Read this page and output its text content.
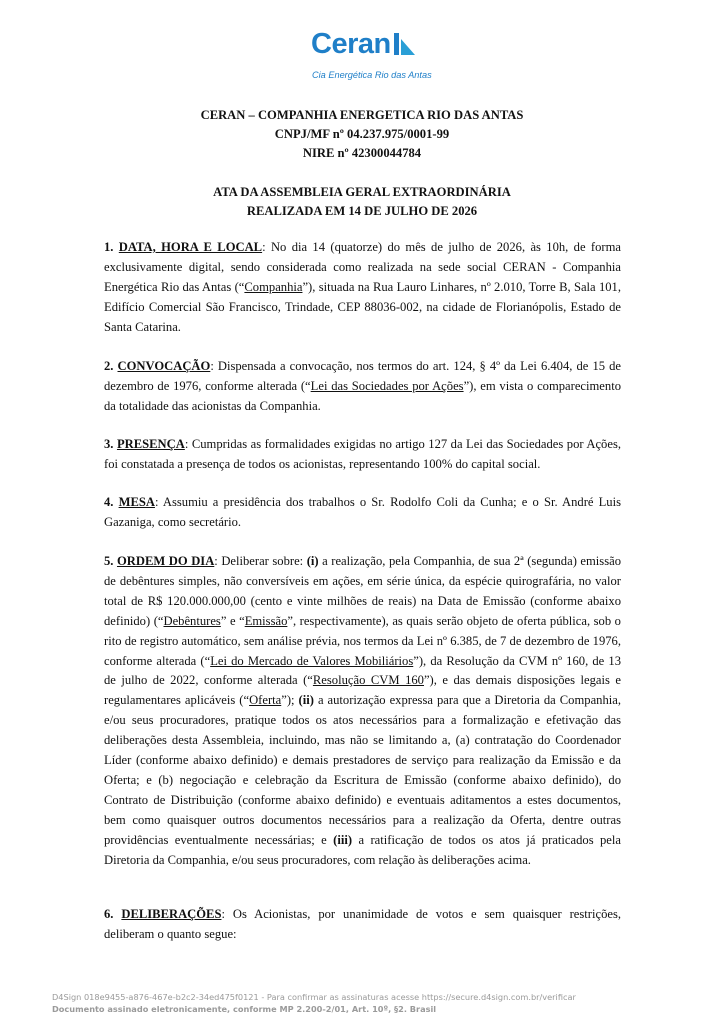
Ceran
Cia Energética Rio das Antas
CERAN – COMPANHIA ENERGETICA RIO DAS ANTAS
CNPJ/MF nº 04.237.975/0001-99
NIRE nº 42300044784
ATA DA ASSEMBLEIA GERAL EXTRAORDINÁRIA
REALIZADA EM 14 DE JULHO DE 2026

1. DATA, HORA E LOCAL: No dia 14 (quatorze) do mês de julho de 2026, às 10h, de forma exclusivamente digital, sendo considerada como realizada na sede social CERAN - Companhia Energética Rio das Antas (“Companhia”), situada na Rua Lauro Linhares, nº 2.010, Torre B, Sala 101, Edifício Comercial São Francisco, Trindade, CEP 88036-002, na cidade de Florianópolis, Estado de Santa Catarina.

2. CONVOCAÇÃO: Dispensada a convocação, nos termos do art. 124, § 4º da Lei 6.404, de 15 de dezembro de 1976, conforme alterada (“Lei das Sociedades por Ações”), em vista o comparecimento da totalidade das acionistas da Companhia.

3. PRESENÇA: Cumpridas as formalidades exigidas no artigo 127 da Lei das Sociedades por Ações, foi constatada a presença de todos os acionistas, representando 100% do capital social.

4. MESA: Assumiu a presidência dos trabalhos o Sr. Rodolfo Coli da Cunha; e o Sr. André Luis Gazaniga, como secretário.

5. ORDEM DO DIA: Deliberar sobre: (i) a realização, pela Companhia, de sua 2ª (segunda) emissão de debêntures simples, não conversíveis em ações, em série única, da espécie quirografária, no valor total de R$ 120.000.000,00 (cento e vinte milhões de reais) na Data de Emissão (conforme abaixo definido) (“Debêntures” e “Emissão”, respectivamente), as quais serão objeto de oferta pública, sob o rito de registro automático, sem análise prévia, nos termos da Lei nº 6.385, de 7 de dezembro de 1976, conforme alterada (“Lei do Mercado de Valores Mobiliários”), da Resolução da CVM nº 160, de 13 de julho de 2022, conforme alterada (“Resolução CVM 160”), e das demais disposições legais e regulamentares aplicáveis (“Oferta”); (ii) a autorização expressa para que a Diretoria da Companhia, e/ou seus procuradores, pratique todos os atos necessários para a formalização e efetivação das deliberações desta Assembleia, incluindo, mas não se limitando a, (a) contratação do Coordenador Líder (conforme abaixo definido) e demais prestadores de serviço para realização da Emissão e da Oferta; e (b) negociação e celebração da Escritura de Emissão (conforme abaixo definido), do Contrato de Distribuição (conforme abaixo definido) e eventuais aditamentos a estes documentos, bem como quaisquer outros documentos necessários para a realização da Oferta, dentre outras providências eventualmente necessárias; e (iii) a ratificação de todos os atos já praticados pela Diretoria da Companhia, e/ou seus procuradores, com relação às deliberações acima.

6. DELIBERAÇÕES: Os Acionistas, por unanimidade de votos e sem quaisquer restrições, deliberam o quanto segue:

D4Sign 018e9455-a876-467e-b2c2-34ed475f0121 - Para confirmar as assinaturas acesse https://secure.d4sign.com.br/verificar
Documento assinado eletronicamente, conforme MP 2.200-2/01, Art. 10º, §2. Brasil
